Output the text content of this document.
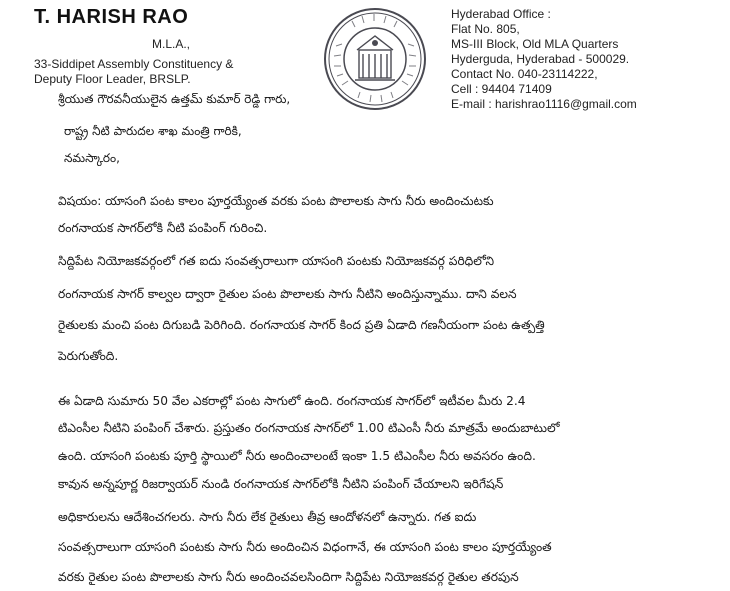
T. HARISH RAO
M.L.A.,
33-Siddipet Assembly Constituency &
Deputy Floor Leader, BRSLP.
Hyderabad Office :
Flat No. 805,
MS-III Block, Old MLA Quarters
Hyderguda, Hyderabad - 500029.
Contact No. 040-23114222,
Cell : 94404 71409
E-mail : harishrao1116@gmail.com
శ్రీయుత గౌరవనీయులైన ఉత్తమ్ కుమార్ రెడ్డి గారు,
రాష్ట్ర నీటి పారుదల శాఖ మంత్రి గారికి,
నమస్కారం,
విషయం: యాసంగి పంట కాలం పూర్తయ్యేంత వరకు పంట పొలాలకు సాగు నీరు అందించుటకు
రంగనాయక సాగర్‌లోకి నీటి పంపింగ్ గురించి.
సిద్దిపేట నియోజకవర్గంలో గత ఐదు సంవత్సరాలుగా యాసంగి పంటకు నియోజకవర్గ పరిధిలోని
రంగనాయక సాగర్ కాల్వల ద్వారా రైతుల పంట పొలాలకు సాగు నీటిని అందిస్తున్నాము. దాని వలన
రైతులకు మంచి పంట దిగుబడి పెరిగింది. రంగనాయక సాగర్ కింద ప్రతి ఏడాది గణనీయంగా పంట ఉత్పత్తి
పెరుగుతోంది.
ఈ ఏడాది సుమారు 50 వేల ఎకరాల్లో పంట సాగులో ఉంది. రంగనాయక సాగర్‌లో ఇటీవల మీరు 2.4
టిఎంసీల నీటిని పంపింగ్ చేశారు. ప్రస్తుతం రంగనాయక సాగర్‌లో 1.00 టిఎంసీ నీరు మాత్రమే అందుబాటులో
ఉంది. యాసంగి పంటకు పూర్తి స్థాయిలో నీరు అందించాలంటే ఇంకా 1.5 టిఎంసీల నీరు అవసరం ఉంది.
కావున అన్నపూర్ణ రిజర్వాయర్ నుండి రంగనాయక సాగర్‌లోకి నీటిని పంపింగ్ చేయాలని ఇరిగేషన్
అధికారులను ఆదేశించగలరు. సాగు నీరు లేక రైతులు తీవ్ర ఆందోళనలో ఉన్నారు. గత ఐదు
సంవత్సరాలుగా యాసంగి పంటకు సాగు నీరు అందించిన విధంగానే, ఈ యాసంగి పంట కాలం పూర్తయ్యేంత
వరకు రైతుల పంట పొలాలకు సాగు నీరు అందించవలసిందిగా సిద్దిపేట నియోజకవర్గ రైతుల తరపున
